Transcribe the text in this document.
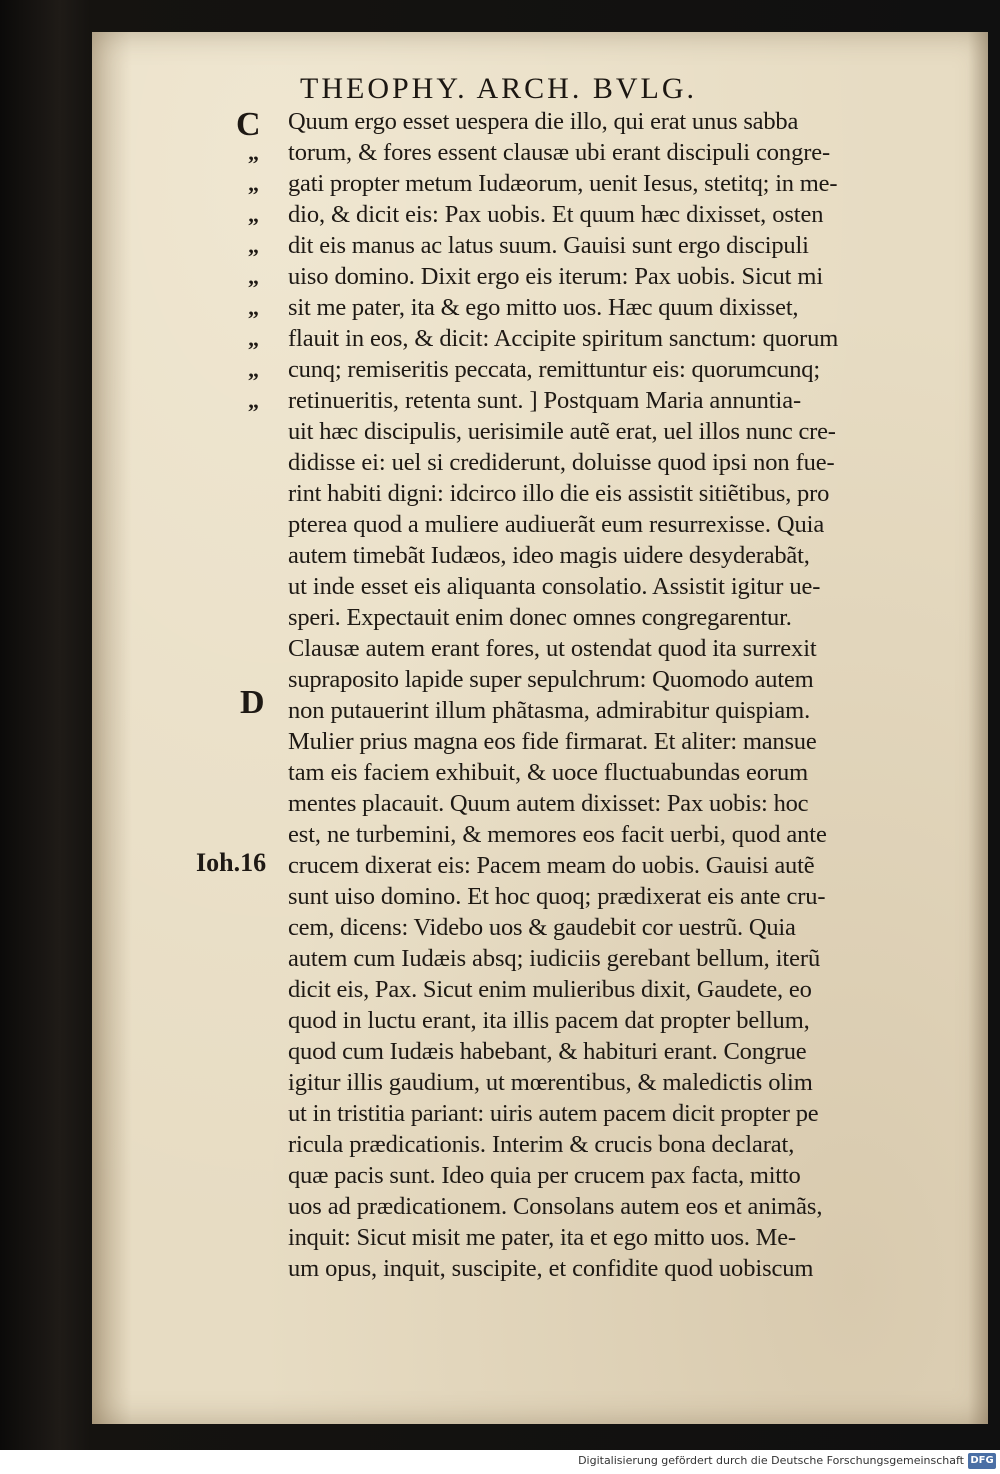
THEOPHY. ARCH. BVLG.
C
„
„
„
„
„
„
„
„
„
D
Ioh.16
Quum ergo esset uespera die illo, qui erat unus sabba
torum, & fores essent clausæ ubi erant discipuli congre-
gati propter metum Iudæorum, uenit Iesus, stetitq; in me-
dio, & dicit eis: Pax uobis. Et quum hæc dixisset, osten
dit eis manus ac latus suum. Gauisi sunt ergo discipuli
uiso domino. Dixit ergo eis iterum: Pax uobis. Sicut mi
sit me pater, ita & ego mitto uos. Hæc quum dixisset,
flauit in eos, & dicit: Accipite spiritum sanctum: quorum
cunq; remiseritis peccata, remittuntur eis: quorumcunq;
retinueritis, retenta sunt. ] Postquam Maria annuntia-
uit hæc discipulis, uerisimile autẽ erat, uel illos nunc cre-
didisse ei: uel si crediderunt, doluisse quod ipsi non fue-
rint habiti digni: idcirco illo die eis assistit sitiẽtibus, pro
pterea quod a muliere audiuerãt eum resurrexisse. Quia
autem timebãt Iudæos, ideo magis uidere desyderabãt,
ut inde esset eis aliquanta consolatio. Assistit igitur ue-
speri. Expectauit enim donec omnes congregarentur.
Clausæ autem erant fores, ut ostendat quod ita surrexit
supraposito lapide super sepulchrum: Quomodo autem
non putauerint illum phãtasma, admirabitur quispiam.
Mulier prius magna eos fide firmarat. Et aliter: mansue
tam eis faciem exhibuit, & uoce fluctuabundas eorum
mentes placauit. Quum autem dixisset: Pax uobis: hoc
est, ne turbemini, & memores eos facit uerbi, quod ante
crucem dixerat eis: Pacem meam do uobis. Gauisi autẽ
sunt uiso domino. Et hoc quoq; prædixerat eis ante cru-
cem, dicens: Videbo uos & gaudebit cor uestrũ. Quia
autem cum Iudæis absq; iudiciis gerebant bellum, iterũ
dicit eis, Pax. Sicut enim mulieribus dixit, Gaudete, eo
quod in luctu erant, ita illis pacem dat propter bellum,
quod cum Iudæis habebant, & habituri erant. Congrue
igitur illis gaudium, ut mœrentibus, & maledictis olim
ut in tristitia pariant: uiris autem pacem dicit propter pe
ricula prædicationis. Interim & crucis bona declarat,
quæ pacis sunt. Ideo quia per crucem pax facta, mitto
uos ad prædicationem. Consolans autem eos et animãs,
inquit: Sicut misit me pater, ita et ego mitto uos. Me-
um opus, inquit, suscipite, et confidite quod uobiscum
Digitalisierung gefördert durch die Deutsche Forschungsgemeinschaft DFG
